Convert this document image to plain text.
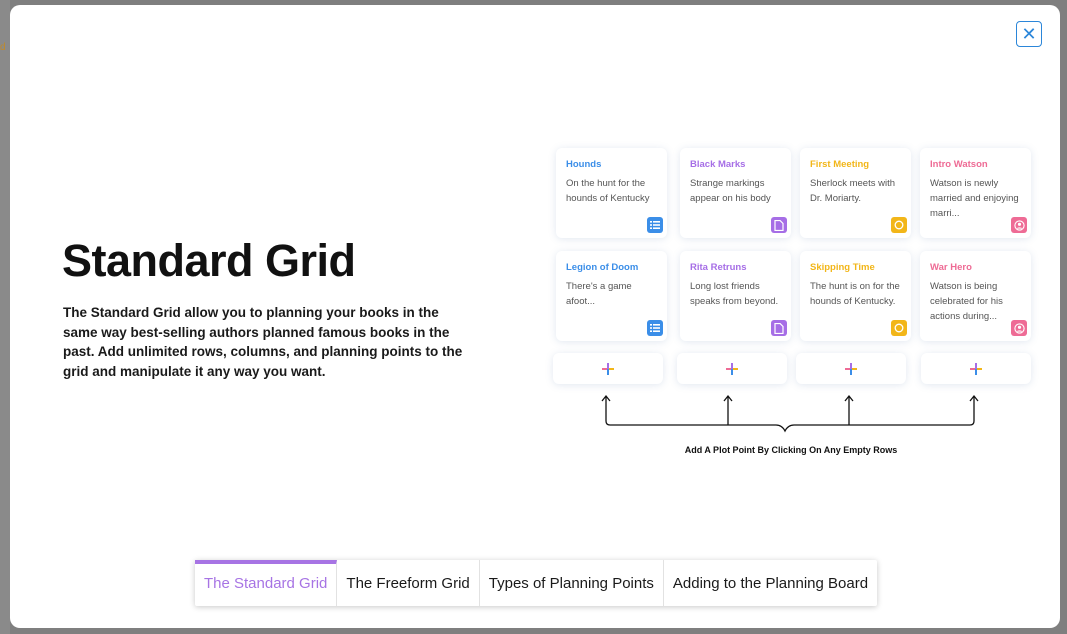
d
✕
Standard Grid

The Standard Grid allow you to planning your books in the same way best-selling authors planned famous books in the past. Add unlimited rows, columns, and planning points to the grid and manipulate it any way you want.

Hounds
On the hunt for the hounds of Kentucky
Black Marks
Strange markings appear on his body
First Meeting
Sherlock meets with Dr. Moriarty.
Intro Watson
Watson is newly married and enjoying marri...
Legion of Doom
There's a game afoot...
Rita Retruns
Long lost friends speaks from beyond.
Skipping Time
The hunt is on for the hounds of Kentucky.
War Hero
Watson is being celebrated for his actions during...
Add A Plot Point By Clicking On Any Empty Rows
The Standard Grid	The Freeform Grid	Types of Planning Points	Adding to the Planning Board
